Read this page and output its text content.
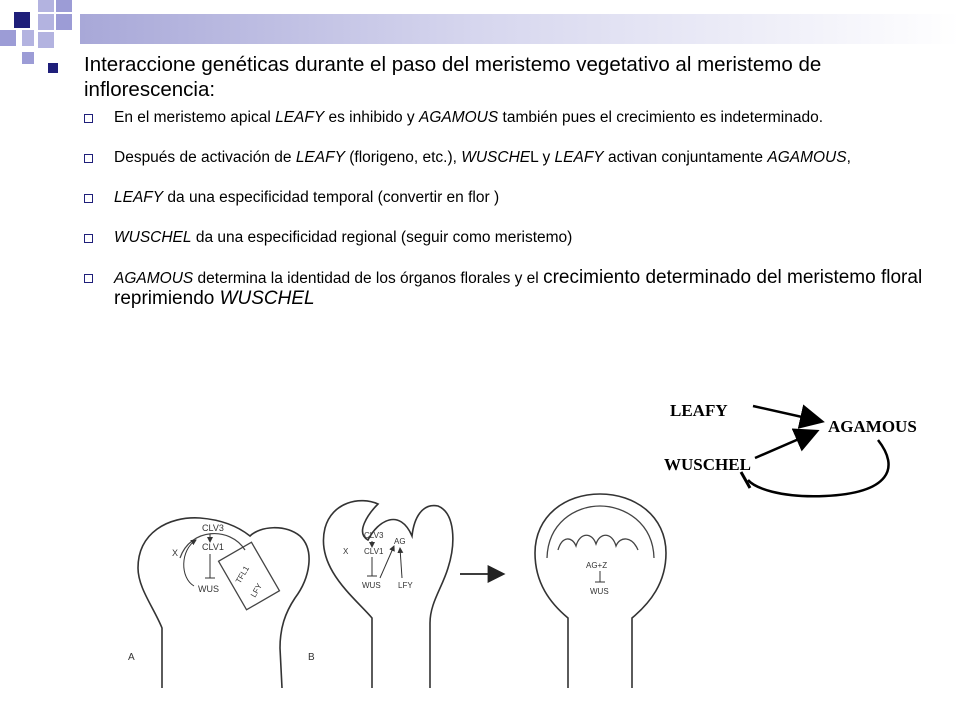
Interaccione genéticas durante el paso del meristemo vegetativo al meristemo de inflorescencia:
En el meristemo apical LEAFY es inhibido y AGAMOUS también pues el crecimiento es indeterminado.
Después de activación de LEAFY (florigeno, etc.), WUSCHEL y LEAFY activan conjuntamente AGAMOUS,
LEAFY da una especificidad temporal (convertir en flor )
WUSCHEL da una especificidad regional (seguir como meristemo)
AGAMOUS determina la identidad de los órganos florales y el crecimiento determinado del meristemo floral reprimiendo WUSCHEL
LEAFY
AGAMOUS
WUSCHEL
CLV3
CLV1
WUS
X
TFL1
LFY
A
CLV3
CLV1
WUS
X
AG
LFY
B
AG+Z
WUS
